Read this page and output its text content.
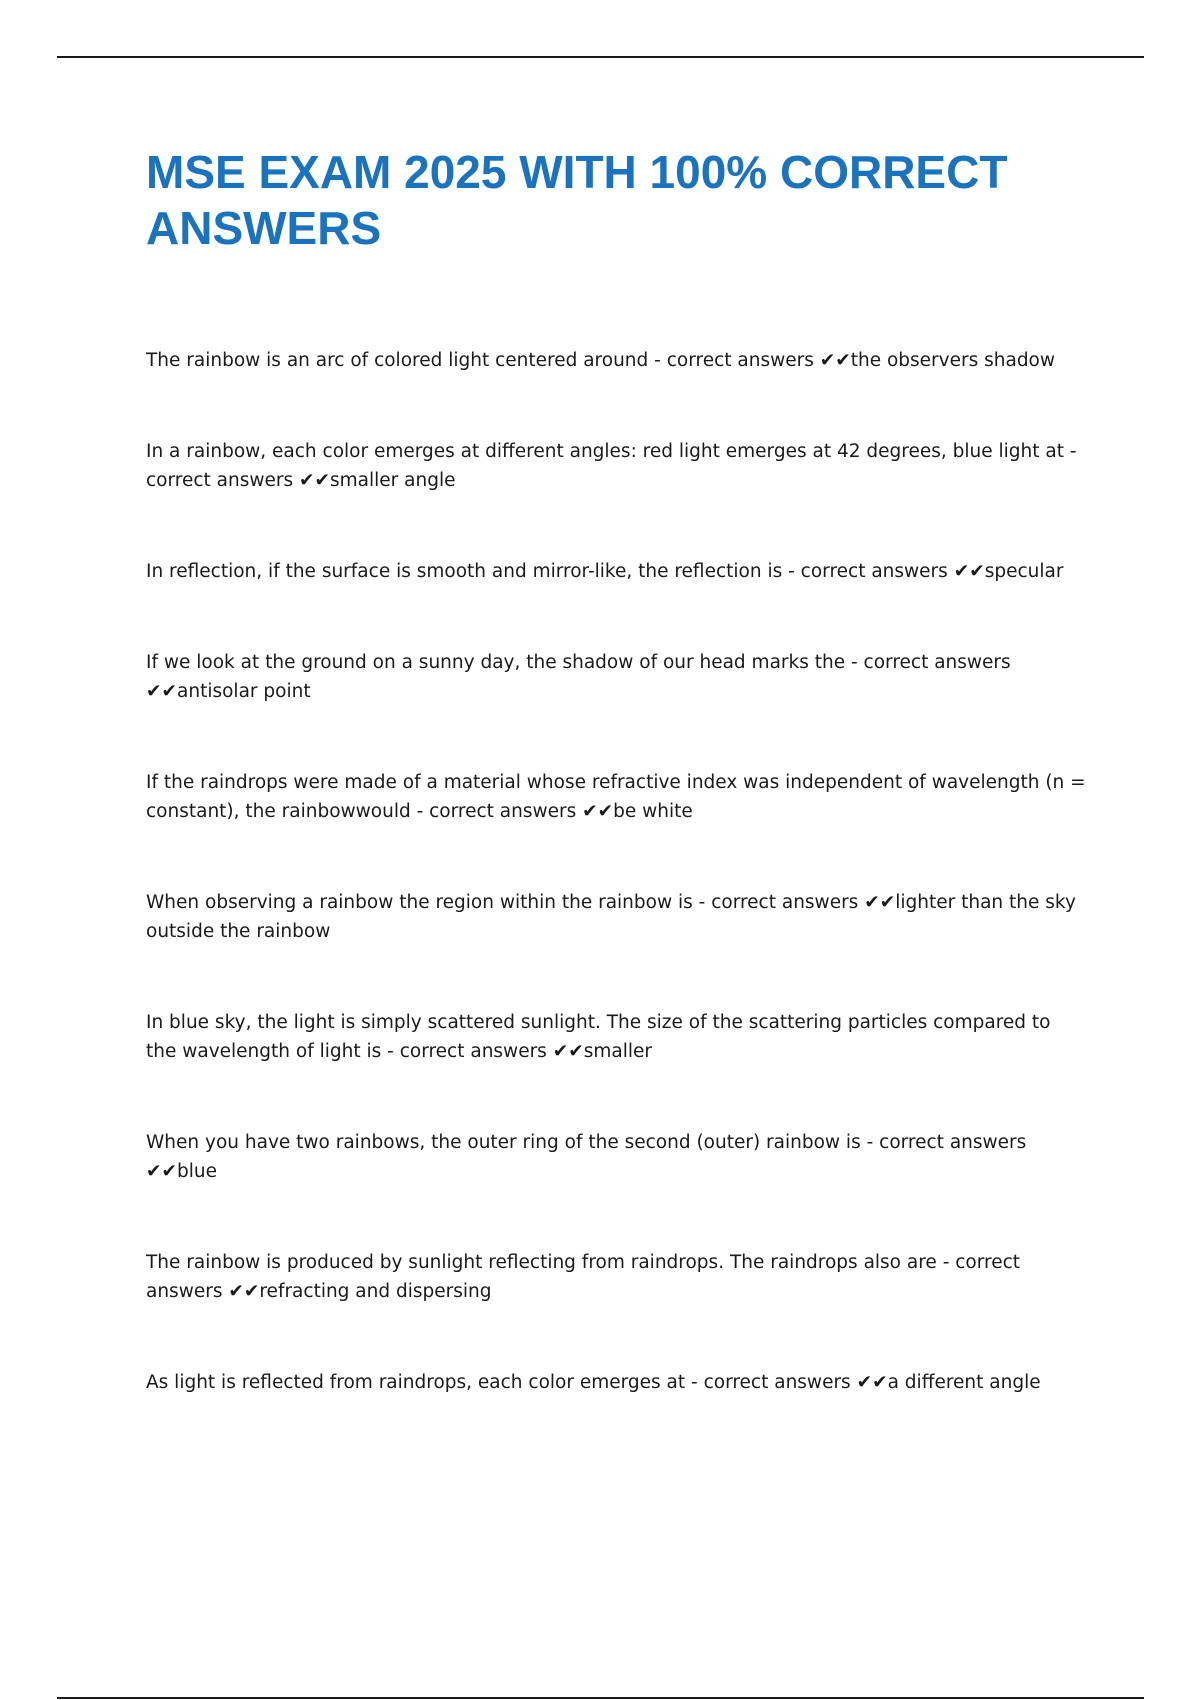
MSE EXAM 2025 WITH 100% CORRECT ANSWERS
The rainbow is an arc of colored light centered around - correct answers ✔✔the observers shadow
In a rainbow, each color emerges at different angles: red light emerges at 42 degrees, blue light at - correct answers ✔✔smaller angle
In reflection, if the surface is smooth and mirror-like, the reflection is - correct answers ✔✔specular
If we look at the ground on a sunny day, the shadow of our head marks the - correct answers ✔✔antisolar point
If the raindrops were made of a material whose refractive index was independent of wavelength (n = constant), the rainbowwould - correct answers ✔✔be white
When observing a rainbow the region within the rainbow is - correct answers ✔✔lighter than the sky outside the rainbow
In blue sky, the light is simply scattered sunlight. The size of the scattering particles compared to the wavelength of light is - correct answers ✔✔smaller
When you have two rainbows, the outer ring of the second (outer) rainbow is - correct answers ✔✔blue
The rainbow is produced by sunlight reflecting from raindrops. The raindrops also are - correct answers ✔✔refracting and dispersing
As light is reflected from raindrops, each color emerges at - correct answers ✔✔a different angle
